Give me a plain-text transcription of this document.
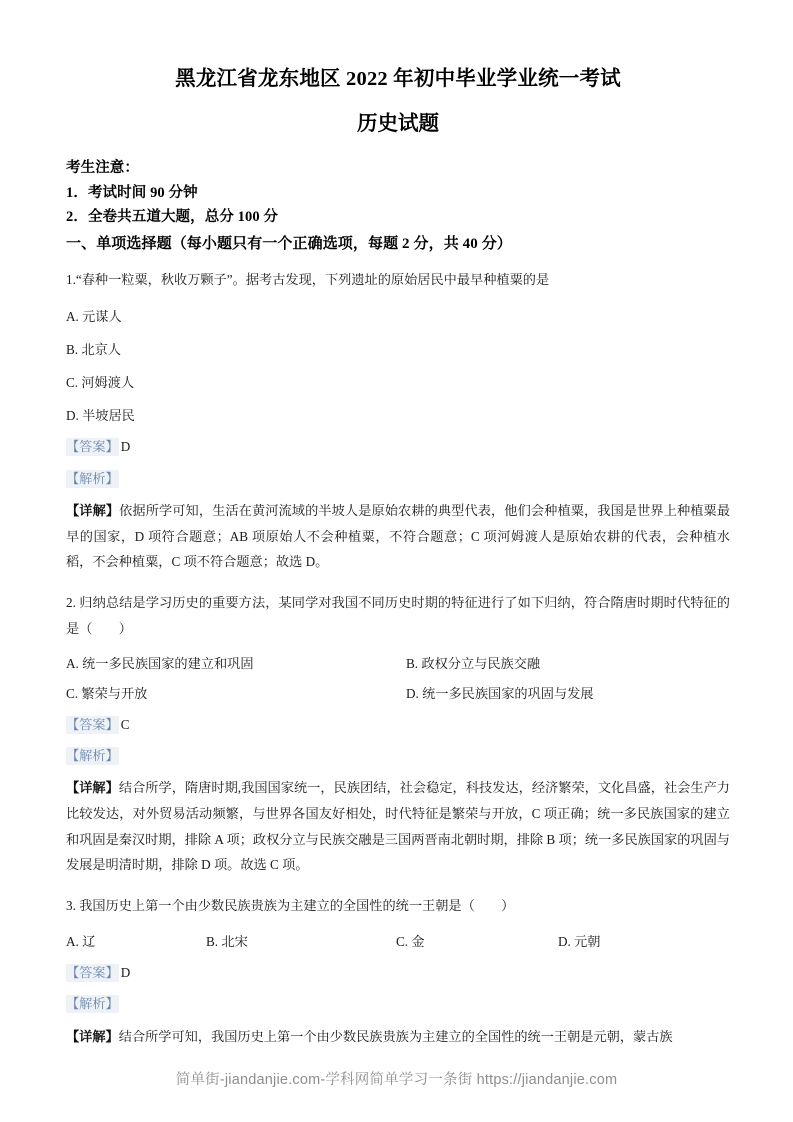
黑龙江省龙东地区 2022 年初中毕业学业统一考试
历史试题

考生注意：

1．考试时间 90 分钟

2．全卷共五道大题，总分 100 分

一、单项选择题（每小题只有一个正确选项，每题 2 分，共 40 分）

1.“春种一粒粟，秋收万颗子”。据考古发现，下列遗址的原始居民中最早种植粟的是

A. 元谋人
B. 北京人
C. 河姆渡人
D. 半坡居民

【答案】 D

【解析】

【详解】依据所学可知，生活在黄河流域的半坡人是原始农耕的典型代表，他们会种植粟，我国是世界上种植粟最早的国家，D 项符合题意；AB 项原始人不会种植粟，不符合题意；C 项河姆渡人是原始农耕的代表，会种植水稻，不会种植粟，C 项不符合题意；故选 D。

2. 归纳总结是学习历史的重要方法，某同学对我国不同历史时期的特征进行了如下归纳，符合隋唐时期时代特征的是（　　）

A. 统一多民族国家的建立和巩固	B. 政权分立与民族交融
C. 繁荣与开放	D. 统一多民族国家的巩固与发展

【答案】 C

【解析】

【详解】结合所学，隋唐时期,我国国家统一，民族团结，社会稳定，科技发达，经济繁荣，文化昌盛，社会生产力比较发达，对外贸易活动频繁，与世界各国友好相处，时代特征是繁荣与开放，C 项正确；统一多民族国家的建立和巩固是秦汉时期，排除 A 项；政权分立与民族交融是三国两晋南北朝时期，排除 B 项；统一多民族国家的巩固与发展是明清时期，排除 D 项。故选 C 项。

3. 我国历史上第一个由少数民族贵族为主建立的全国性的统一王朝是（　　）

A. 辽	B. 北宋	C. 金	D. 元朝

【答案】 D

【解析】

【详解】结合所学可知，我国历史上第一个由少数民族贵族为主建立的全国性的统一王朝是元朝，蒙古族

简单街-jiandanjie.com-学科网简单学习一条街 https://jiandanjie.com
